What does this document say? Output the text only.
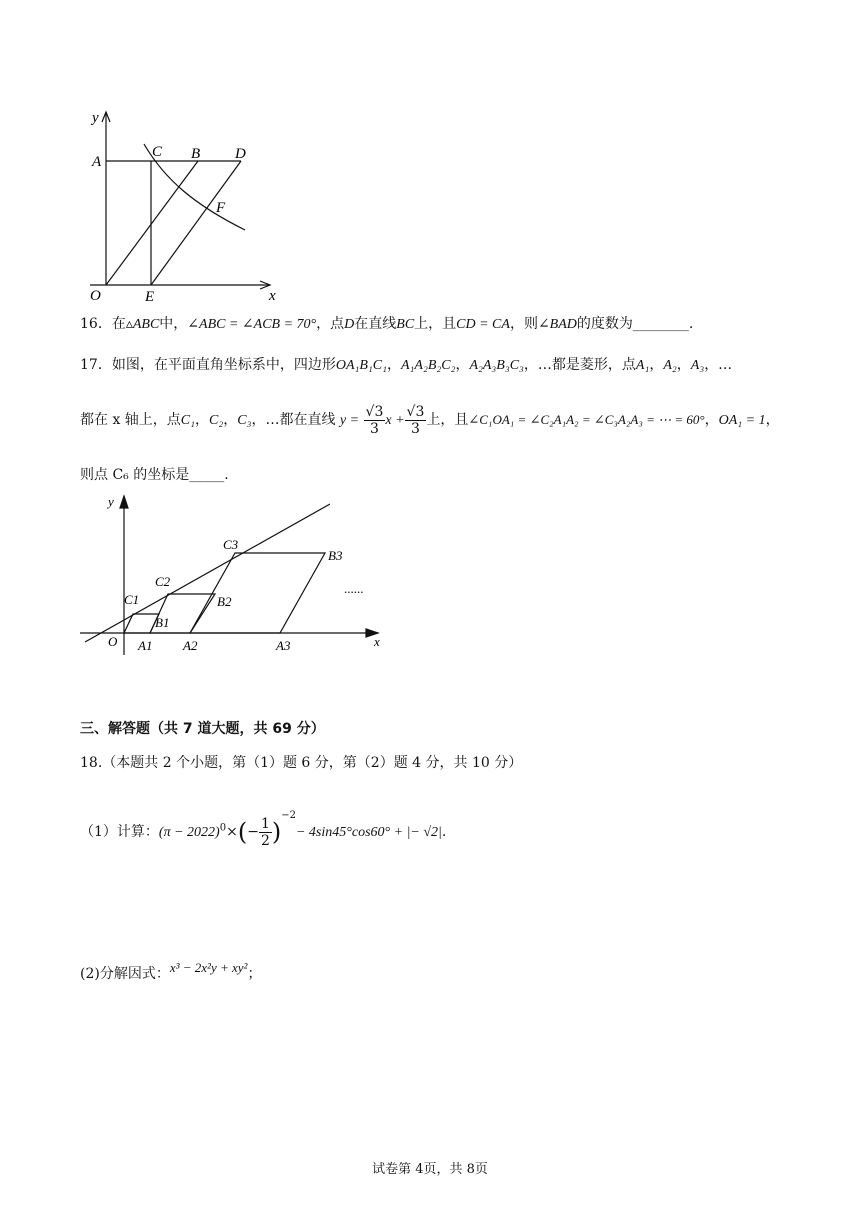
y
A
C B D
F
O	E	x
16．在▵ABC中，∠ABC = ∠ACB = 70°，点D在直线BC上，且CD = CA，则∠BAD的度数为________.
17．如图，在平面直角坐标系中，四边形OA₁B₁C₁，A₁A₂B₂C₂，A₂A₃B₃C₃，…都是菱形，点A₁，A₂，A₃，…
都在 x 轴上，点C₁，C₂，C₃，…都在直线 $y = \frac{√3}{3}$ $x + \frac{√3}{3}$ 上，且∠C₁OA₁ = ∠C₂A₁A₂ = ∠C₃A₂A₃ = ⋯ = 60°，OA₁ = 1，
则点 C₆ 的坐标是_____.
y
x
O A1 A2	A3
B1
B2
B3
C1
C2
C3
......
三、解答题（共 7 道大题，共 69 分）
18.（本题共 2 个小题，第（1）题 6 分，第（2）题 4 分，共 10 分）
（1）计算：$(\pi - 2022)^0\times(- \frac{1}{2} )^{-2}- 4\sin 45^\circ\cos 60^\circ$ + |− √2|.
(2)分解因式：x³ − 2x²y + xy²；
试卷第 4页，共 8页
